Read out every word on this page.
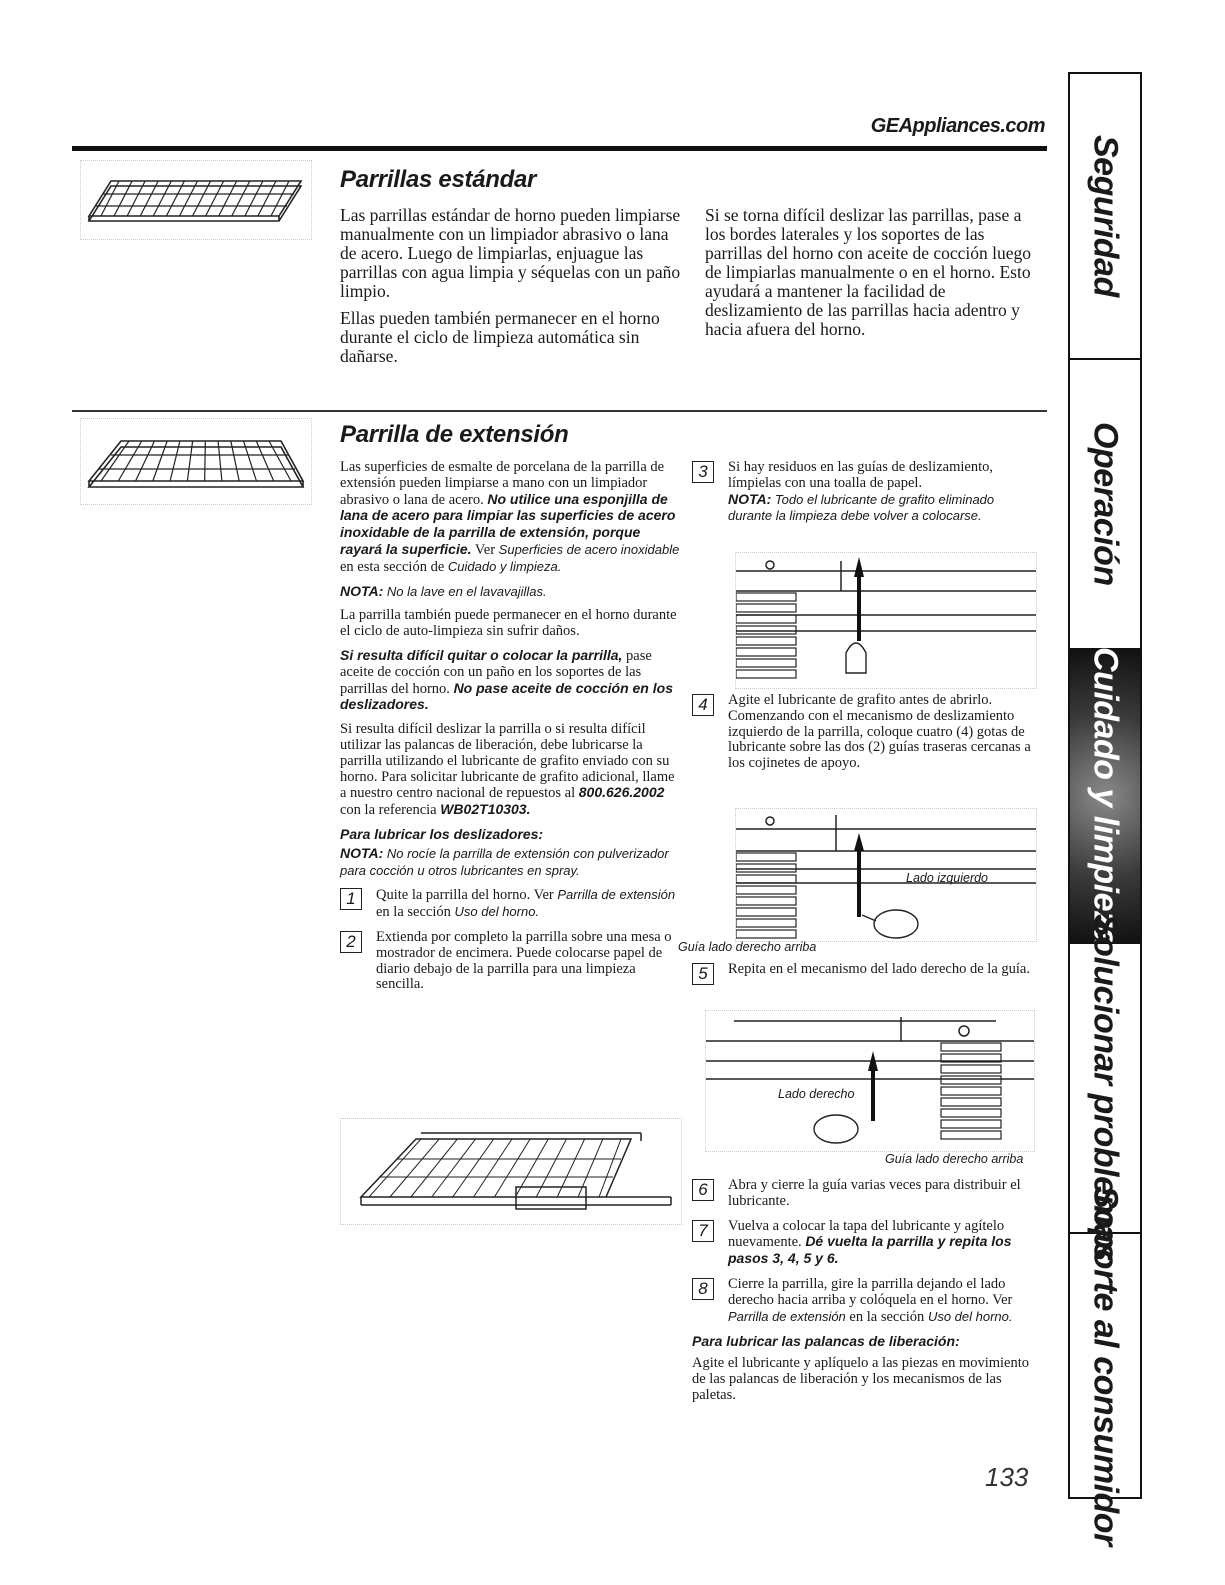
GEAppliances.com
Parrillas estándar

Las parrillas estándar de horno pueden limpiarse manualmente con un limpiador abrasivo o lana de acero. Luego de limpiarlas, enjuague las parrillas con agua limpia y séquelas con un paño limpio.

Ellas pueden también permanecer en el horno durante el ciclo de limpieza automática sin dañarse.

Si se torna difícil deslizar las parrillas, pase a los bordes laterales y los soportes de las parrillas del horno con aceite de cocción luego de limpiarlas manualmente o en el horno. Esto ayudará a mantener la facilidad de deslizamiento de las parrillas hacia adentro y hacia afuera del horno.

Parrilla de extensión

Las superficies de esmalte de porcelana de la parrilla de extensión pueden limpiarse a mano con un limpiador abrasivo o lana de acero. No utilice una esponjilla de lana de acero para limpiar las superficies de acero inoxidable de la parrilla de extensión, porque rayará la superficie. Ver Superficies de acero inoxidable en esta sección de Cuidado y limpieza.

NOTA: No la lave en el lavavajillas.

La parrilla también puede permanecer en el horno durante el ciclo de auto-limpieza sin sufrir daños.

Si resulta difícil quitar o colocar la parrilla, pase aceite de cocción con un paño en los soportes de las parrillas del horno. No pase aceite de cocción en los deslizadores.

Si resulta difícil deslizar la parrilla o si resulta difícil utilizar las palancas de liberación, debe lubricarse la parrilla utilizando el lubricante de grafito enviado con su horno. Para solicitar lubricante de grafito adicional, llame a nuestro centro nacional de repuestos al 800.626.2002 con la referencia WB02T10303.

Para lubricar los deslizadores:

NOTA: No rocíe la parrilla de extensión con pulverizador para cocción u otros lubricantes en spray.

1	Quite la parrilla del horno. Ver Parrilla de extensión en la sección Uso del horno.
2	Extienda por completo la parrilla sobre una mesa o mostrador de encimera. Puede colocarse papel de diario debajo de la parrilla para una limpieza sencilla.
3	Si hay residuos en las guías de deslizamiento, límpielas con una toalla de papel.
NOTA: Todo el lubricante de grafito eliminado durante la limpieza debe volver a colocarse.
4	Agite el lubricante de grafito antes de abrirlo. Comenzando con el mecanismo de deslizamiento izquierdo de la parrilla, coloque cuatro (4) gotas de lubricante sobre las dos (2) guías traseras cercanas a los cojinetes de apoyo.
Lado izquierdo
Guía lado derecho arriba
5	Repita en el mecanismo del lado derecho de la guía.
Lado derecho
Guía lado derecho arriba
6	Abra y cierre la guía varias veces para distribuir el lubricante.
7	Vuelva a colocar la tapa del lubricante y agítelo nuevamente. Dé vuelta la parrilla y repita los pasos 3, 4, 5 y 6.
8	Cierre la parrilla, gire la parrilla dejando el lado derecho hacia arriba y colóquela en el horno. Ver Parrilla de extensión en la sección Uso del horno.

Para lubricar las palancas de liberación:

Agite el lubricante y aplíquelo a las piezas en movimiento de las palancas de liberación y los mecanismos de las paletas.

133
Seguridad
Operación
Cuidado y limpieza
Solucionar problemas
Soporte al consumidor
